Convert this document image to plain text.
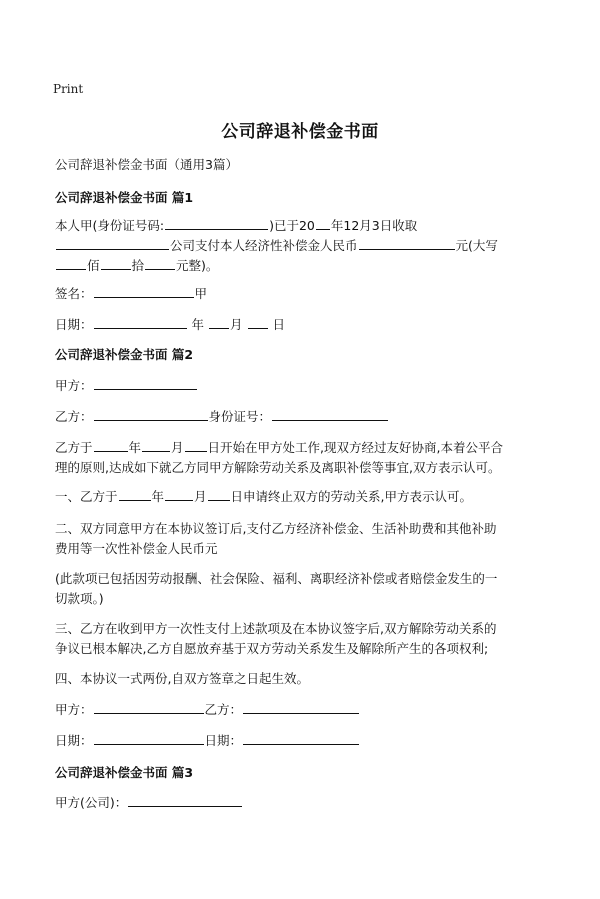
Print
公司辞退补偿金书面
公司辞退补偿金书面（通用3篇）
公司辞退补偿金书面 篇1
本人甲(身份证号码:	)已于20 年12月3日收取
公司支付本人经济性补偿金人民币	元(大写
佰	拾	元整)。
签名：	甲
日期：	年 月 日
公司辞退补偿金书面 篇2
甲方：
乙方：	身份证号：
乙方于	年 月 日开始在甲方处工作,现双方经过友好协商,本着公平合
理的原则,达成如下就乙方同甲方解除劳动关系及离职补偿等事宜,双方表示认可。
一、乙方于	年 月 日申请终止双方的劳动关系,甲方表示认可。
二、双方同意甲方在本协议签订后,支付乙方经济补偿金、生活补助费和其他补助
费用等一次性补偿金人民币元
(此款项已包括因劳动报酬、社会保险、福利、离职经济补偿或者赔偿金发生的一
切款项。)
三、乙方在收到甲方一次性支付上述款项及在本协议签字后,双方解除劳动关系的
争议已根本解决,乙方自愿放弃基于双方劳动关系发生及解除所产生的各项权利;
四、本协议一式两份,自双方签章之日起生效。
甲方：	乙方：
日期：	日期：
公司辞退补偿金书面 篇3
甲方(公司)：
